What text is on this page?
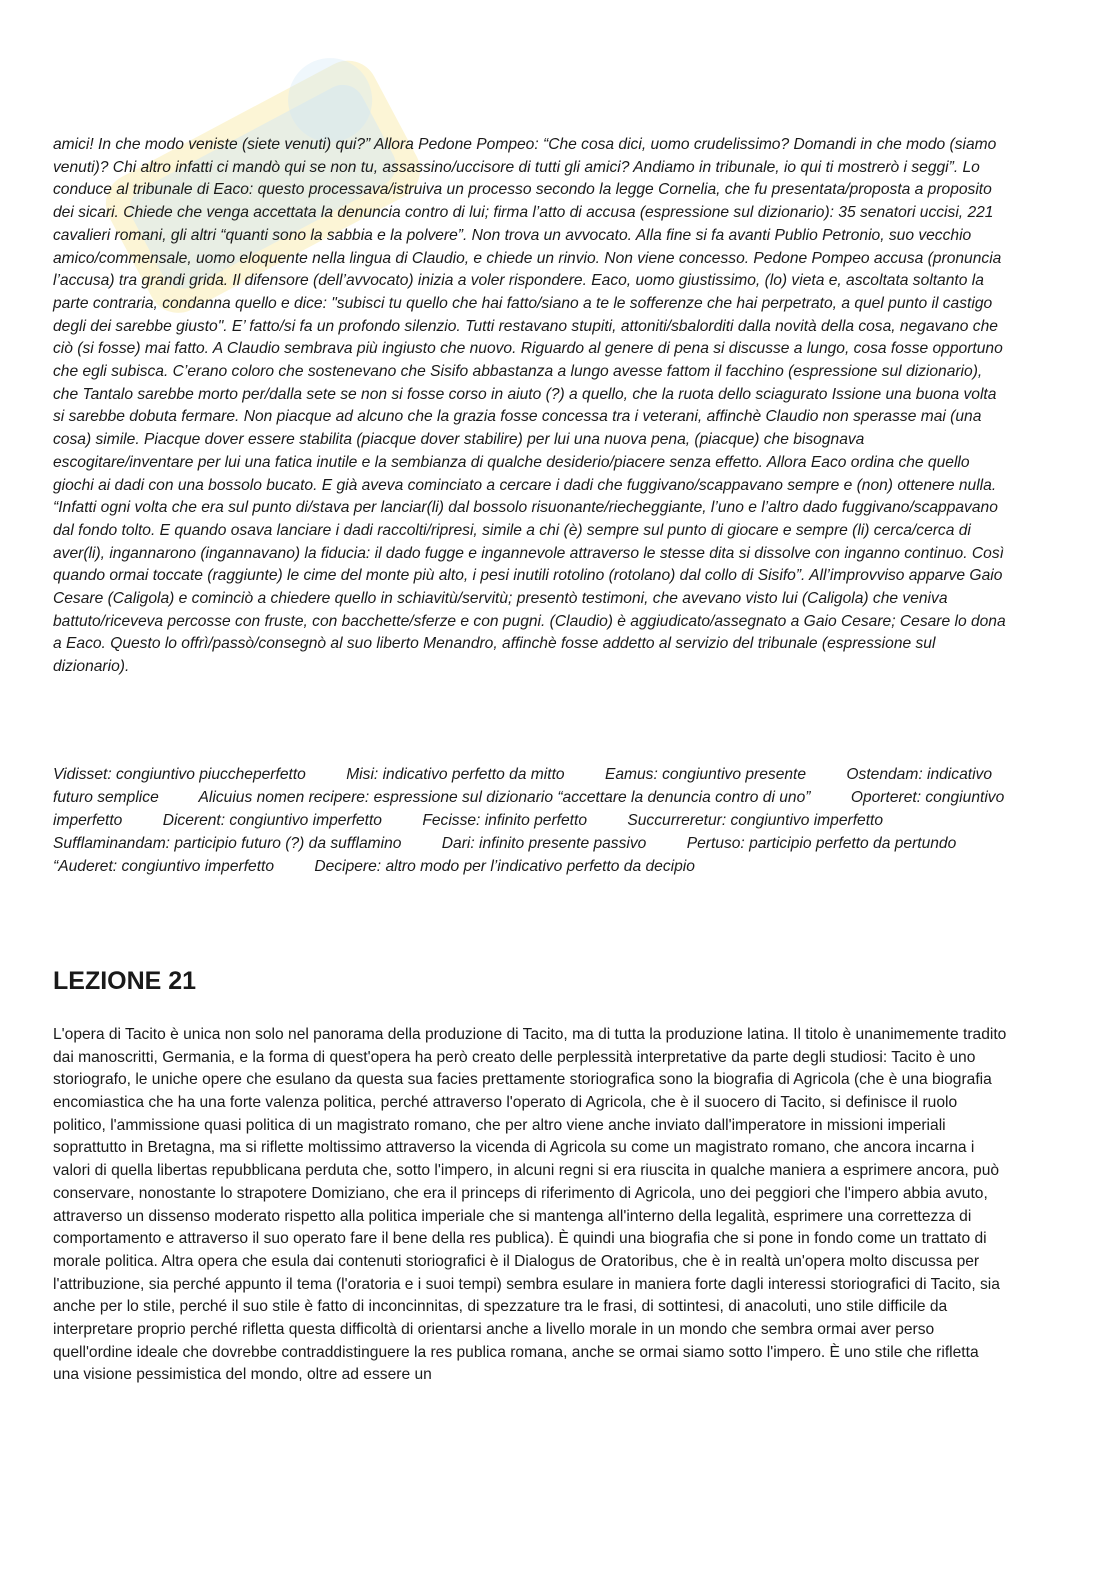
amici! In che modo veniste (siete venuti) qui?” Allora Pedone Pompeo: “Che cosa dici, uomo crudelissimo? Domandi in che modo (siamo venuti)? Chi altro infatti ci mandò qui se non tu, assassino/uccisore di tutti gli amici? Andiamo in tribunale, io qui ti mostrerò i seggi”. Lo conduce al tribunale di Eaco: questo processava/istruiva un processo secondo la legge Cornelia, che fu presentata/proposta a proposito dei sicari. Chiede che venga accettata la denuncia contro di lui; firma l’atto di accusa (espressione sul dizionario): 35 senatori uccisi, 221 cavalieri romani, gli altri “quanti sono la sabbia e la polvere”. Non trova un avvocato. Alla fine si fa avanti Publio Petronio, suo vecchio amico/commensale, uomo eloquente nella lingua di Claudio, e chiede un rinvio. Non viene concesso. Pedone Pompeo accusa (pronuncia l’accusa) tra grandi grida. Il difensore (dell’avvocato) inizia a voler rispondere. Eaco, uomo giustissimo, (lo) vieta e, ascoltata soltanto la parte contraria, condanna quello e dice: "subisci tu quello che hai fatto/siano a te le sofferenze che hai perpetrato, a quel punto il castigo degli dei sarebbe giusto". E’ fatto/si fa un profondo silenzio. Tutti restavano stupiti, attoniti/sbalorditi dalla novità della cosa, negavano che ciò (si fosse) mai fatto. A Claudio sembrava più ingiusto che nuovo. Riguardo al genere di pena si discusse a lungo, cosa fosse opportuno che egli subisca. C’erano coloro che sostenevano che Sisifo abbastanza a lungo avesse fattom il facchino (espressione sul dizionario), che Tantalo sarebbe morto per/dalla sete se non si fosse corso in aiuto (?) a quello, che la ruota dello sciagurato Issione una buona volta si sarebbe dobuta fermare. Non piacque ad alcuno che la grazia fosse concessa tra i veterani, affinchè Claudio non sperasse mai (una cosa) simile. Piacque dover essere stabilita (piacque dover stabilire) per lui una nuova pena, (piacque) che bisognava escogitare/inventare per lui una fatica inutile e la sembianza di qualche desiderio/piacere senza effetto. Allora Eaco ordina che quello giochi ai dadi con una bossolo bucato. E già aveva cominciato a cercare i dadi che fuggivano/scappavano sempre e (non) ottenere nulla. “Infatti ogni volta che era sul punto di/stava per lanciar(li) dal bossolo risuonante/riecheggiante, l’uno e l’altro dado fuggivano/scappavano dal fondo tolto. E quando osava lanciare i dadi raccolti/ripresi, simile a chi (è) sempre sul punto di giocare e sempre (li) cerca/cerca di aver(li), ingannarono (ingannavano) la fiducia: il dado fugge e ingannevole attraverso le stesse dita si dissolve con inganno continuo. Così quando ormai toccate (raggiunte) le cime del monte più alto, i pesi inutili rotolino (rotolano) dal collo di Sisifo”. All’improvviso apparve Gaio Cesare (Caligola) e cominciò a chiedere quello in schiavitù/servitù; presentò testimoni, che avevano visto lui (Caligola) che veniva battuto/riceveva percosse con fruste, con bacchette/sferze e con pugni. (Claudio) è aggiudicato/assegnato a Gaio Cesare; Cesare lo dona a Eaco. Questo lo offrì/passò/consegnò al suo liberto Menandro, affinchè fosse addetto al servizio del tribunale (espressione sul dizionario).

Vidisset: congiuntivo piuccheperfetto	Misi: indicativo perfetto da mitto	Eamus: congiuntivo presente	Ostendam: indicativo futuro semplice	Alicuius nomen recipere: espressione sul dizionario “accettare la denuncia contro di uno”	Oporteret: congiuntivo imperfetto	Dicerent: congiuntivo imperfetto	Fecisse: infinito perfetto	Succurreretur: congiuntivo imperfetto Sufflaminandam: participio futuro (?) da sufflamino	Dari: infinito presente passivo	Pertuso: participio perfetto da pertundo “Auderet: congiuntivo imperfetto	Decipere: altro modo per l’indicativo perfetto da decipio
LEZIONE 21

L'opera di Tacito è unica non solo nel panorama della produzione di Tacito, ma di tutta la produzione latina. Il titolo è unanimemente tradito dai manoscritti, Germania, e la forma di quest'opera ha però creato delle perplessità interpretative da parte degli studiosi: Tacito è uno storiografo, le uniche opere che esulano da questa sua facies prettamente storiografica sono la biografia di Agricola (che è una biografia encomiastica che ha una forte valenza politica, perché attraverso l'operato di Agricola, che è il suocero di Tacito, si definisce il ruolo politico, l'ammissione quasi politica di un magistrato romano, che per altro viene anche inviato dall'imperatore in missioni imperiali soprattutto in Bretagna, ma si riflette moltissimo attraverso la vicenda di Agricola su come un magistrato romano, che ancora incarna i valori di quella libertas repubblicana perduta che, sotto l'impero, in alcuni regni si era riuscita in qualche maniera a esprimere ancora, può conservare, nonostante lo strapotere Domiziano, che era il princeps di riferimento di Agricola, uno dei peggiori che l'impero abbia avuto, attraverso un dissenso moderato rispetto alla politica imperiale che si mantenga all'interno della legalità, esprimere una correttezza di comportamento e attraverso il suo operato fare il bene della res publica). È quindi una biografia che si pone in fondo come un trattato di morale politica. Altra opera che esula dai contenuti storiografici è il Dialogus de Oratoribus, che è in realtà un'opera molto discussa per l'attribuzione, sia perché appunto il tema (l'oratoria e i suoi tempi) sembra esulare in maniera forte dagli interessi storiografici di Tacito, sia anche per lo stile, perché il suo stile è fatto di inconcinnitas, di spezzature tra le frasi, di sottintesi, di anacoluti, uno stile difficile da interpretare proprio perché rifletta questa difficoltà di orientarsi anche a livello morale in un mondo che sembra ormai aver perso quell'ordine ideale che dovrebbe contraddistinguere la res publica romana, anche se ormai siamo sotto l'impero. È uno stile che rifletta una visione pessimistica del mondo, oltre ad essere un
